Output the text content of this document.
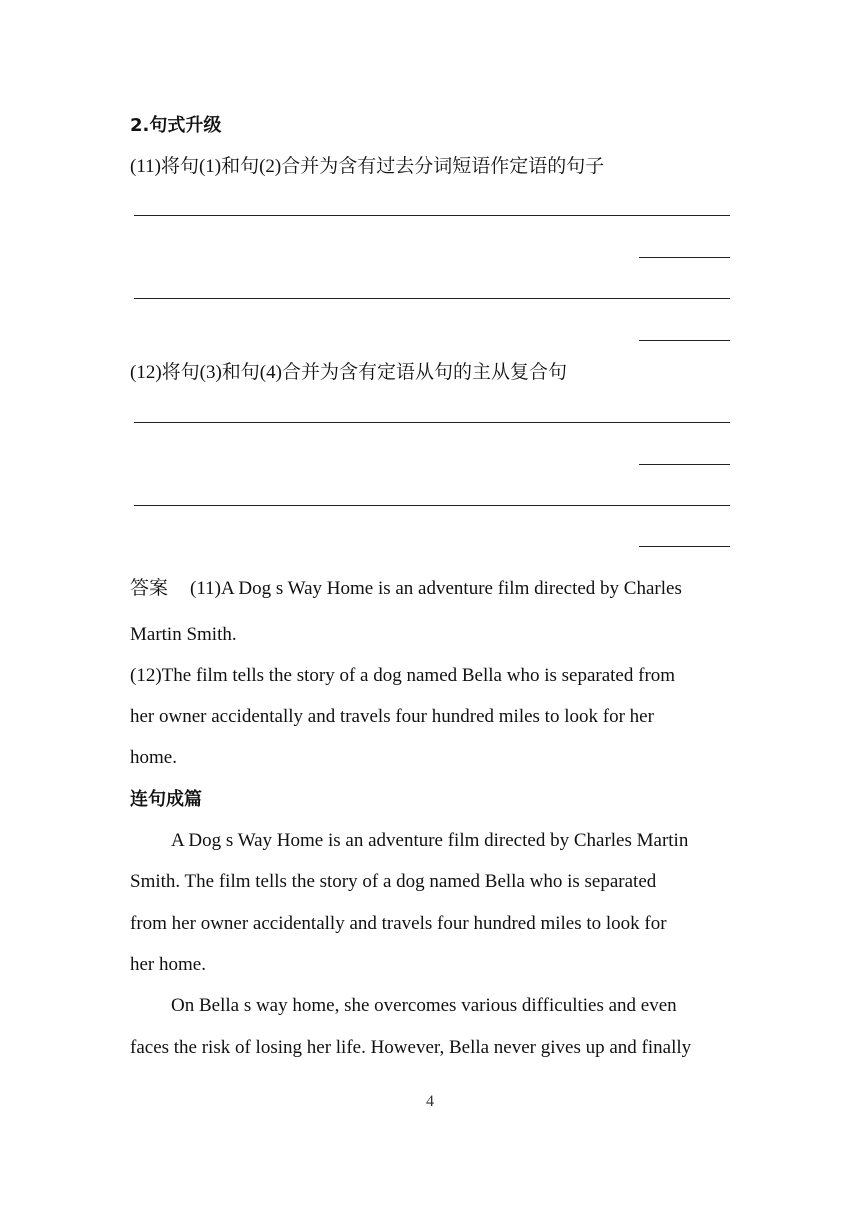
2.句式升级
(11)将句(1)和句(2)合并为含有过去分词短语作定语的句子
(12)将句(3)和句(4)合并为含有定语从句的主从复合句
答案 (11)A Dog s Way Home is an adventure film directed by Charles
Martin Smith.
(12)The film tells the story of a dog named Bella who is separated from
her owner accidentally and travels four hundred miles to look for her
home.
连句成篇
A Dog s Way Home is an adventure film directed by Charles Martin
Smith. The film tells the story of a dog named Bella who is separated
from her owner accidentally and travels four hundred miles to look for
her home.
On Bella s way home, she overcomes various difficulties and even
faces the risk of losing her life. However, Bella never gives up and finally
4
